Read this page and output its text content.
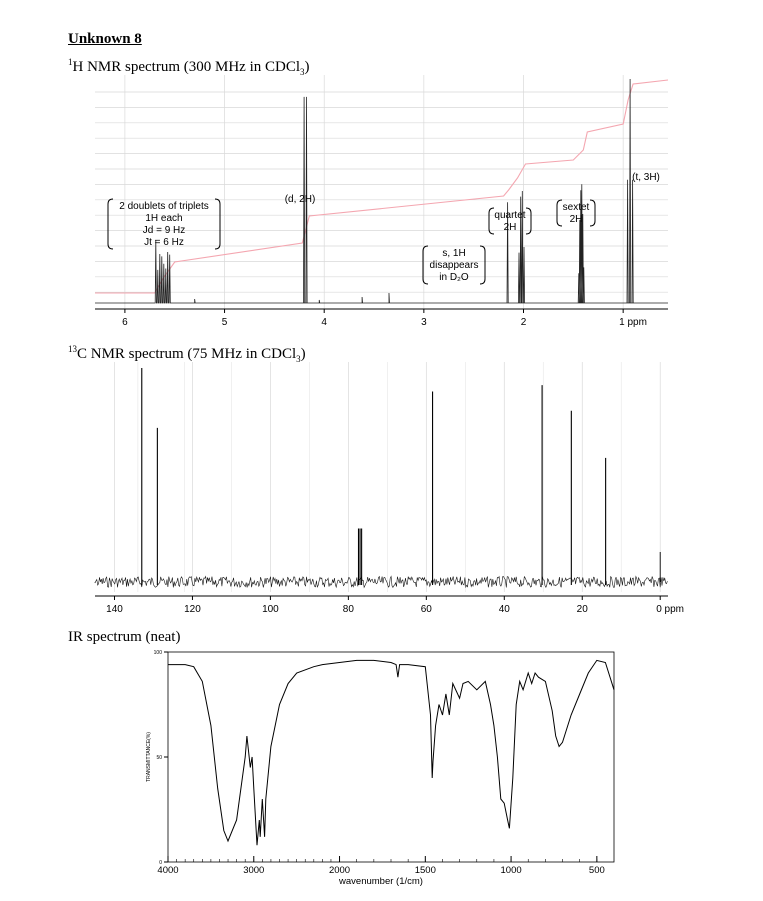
Unknown 8
$^1$H NMR spectrum (300 MHz in CDCl$_3$)
$^{13}$C NMR spectrum (75 MHz in CDCl$_3$)
IR spectrum (neat)
6	5	4	3	2	1 ppm
2 doublets of triplets
1H each
Jd = 9 Hz
Jt = 6 Hz
(d, 2H)
s, 1H
disappears
in D₂O
quartet
2H
sextet
2H
(t, 3H)
140	120	100	80	60	40	20	0 ppm
100
50
0
TRANSMITTANCE(%)
4000	3000	2000	1500	1000	500
wavenumber (1/cm)
